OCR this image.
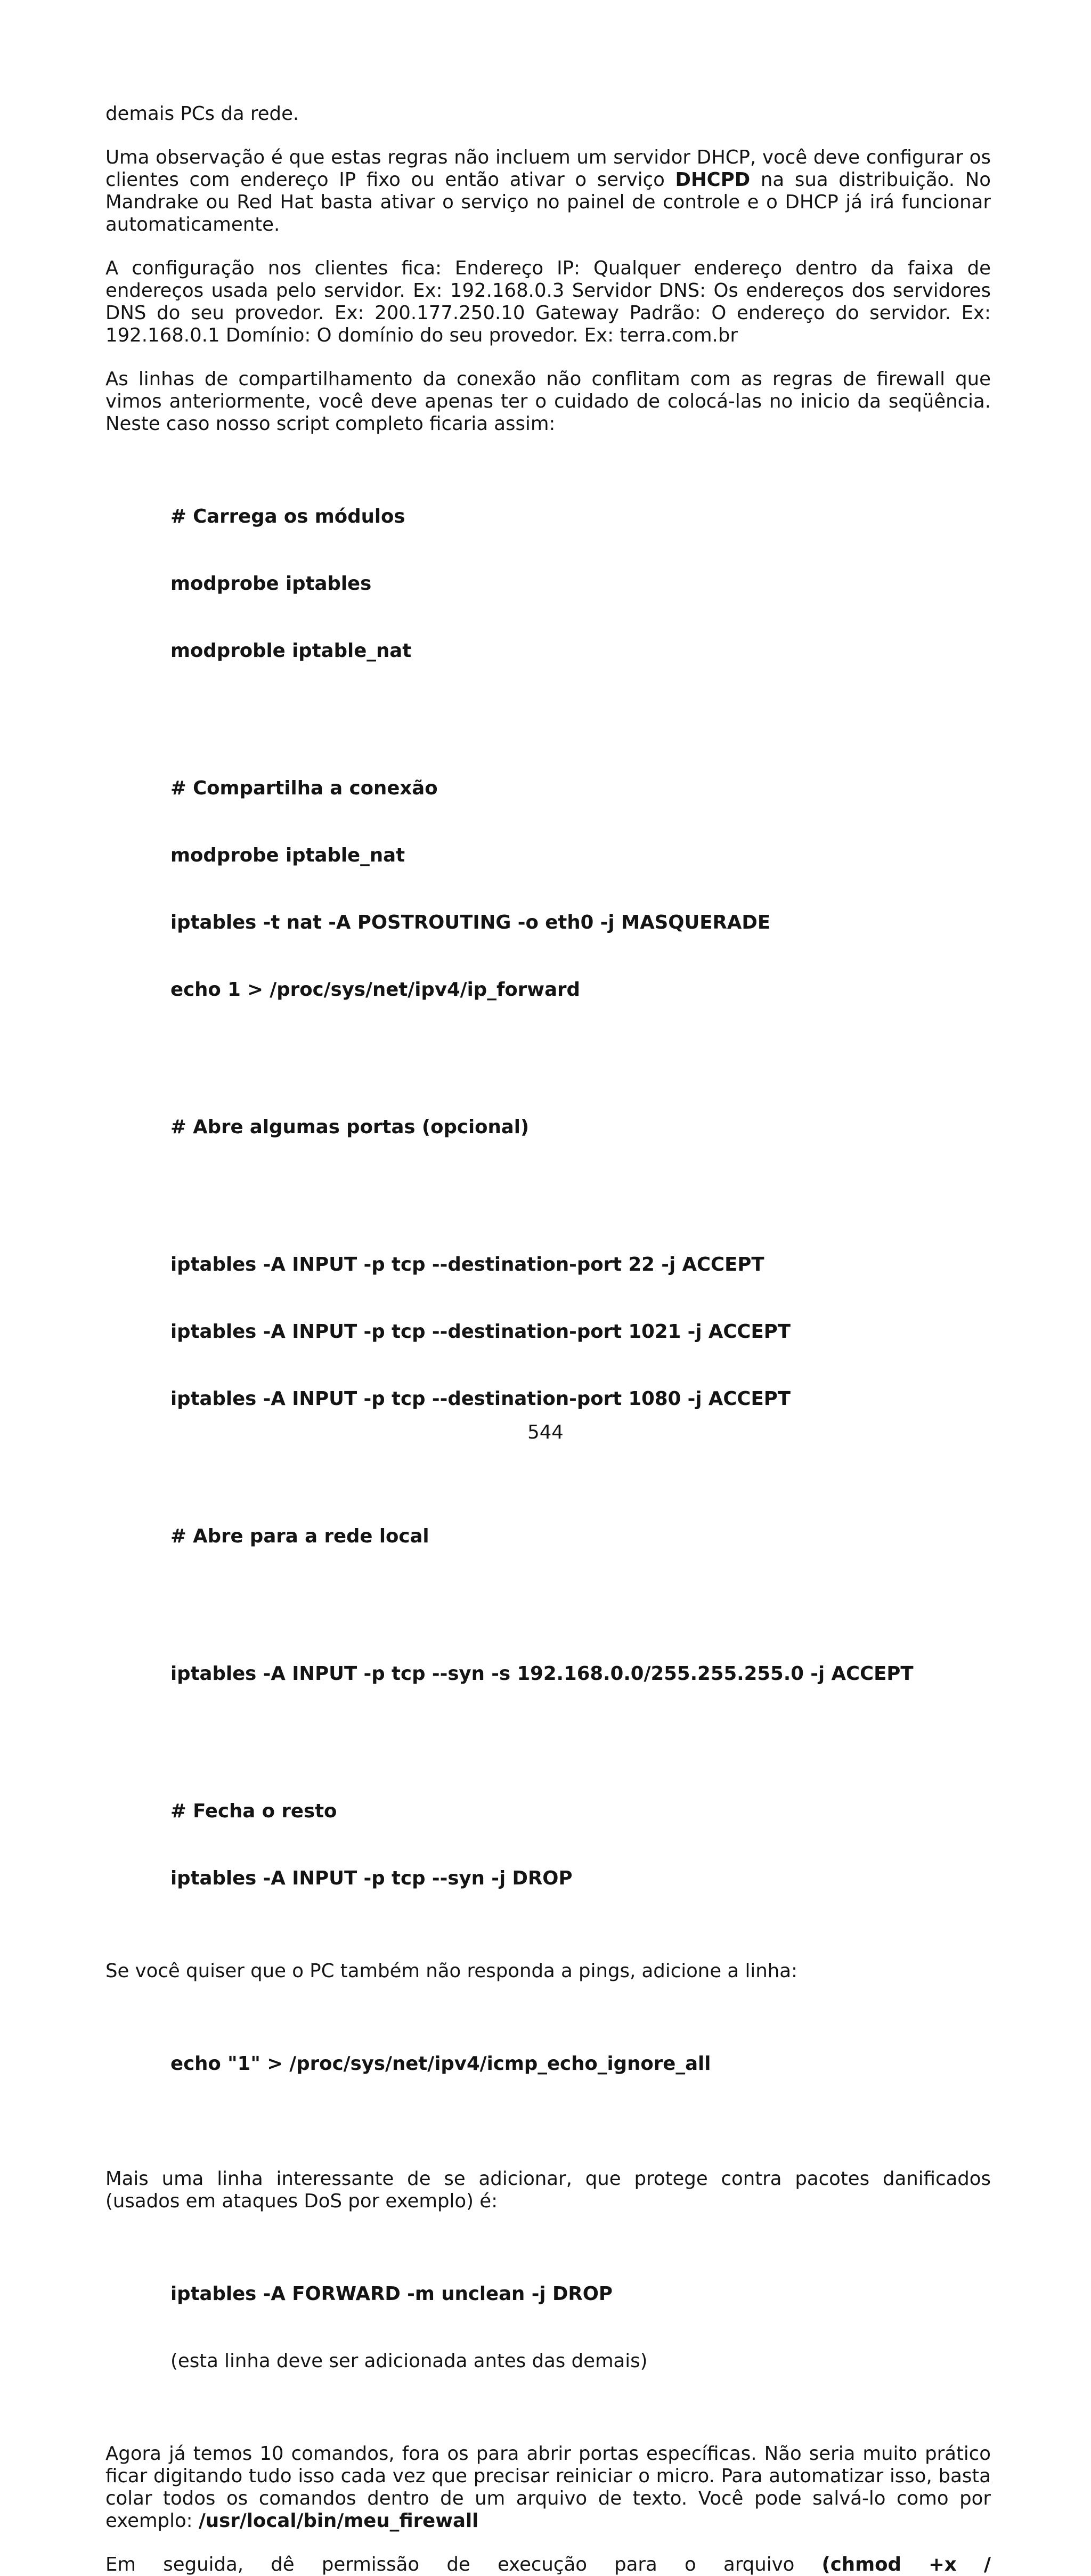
demais PCs da rede.

Uma observação é que estas regras não incluem um servidor DHCP, você deve configurar os clientes com endereço IP fixo ou então ativar o serviço DHCPD na sua distribuição. No Mandrake ou Red Hat basta ativar o serviço no painel de controle e o DHCP já irá funcionar automaticamente.

A configuração nos clientes fica: Endereço IP: Qualquer endereço dentro da faixa de endereços usada pelo servidor. Ex: 192.168.0.3 Servidor DNS: Os endereços dos servidores DNS do seu provedor. Ex: 200.177.250.10 Gateway Padrão: O endereço do servidor. Ex: 192.168.0.1 Domínio: O domínio do seu provedor. Ex: terra.com.br

As linhas de compartilhamento da conexão não conflitam com as regras de firewall que vimos anteriormente, você deve apenas ter o cuidado de colocá-las no inicio da seqüência. Neste caso nosso script completo ficaria assim:

# Carrega os módulos

modprobe iptables

modproble iptable_nat

# Compartilha a conexão

modprobe iptable_nat

iptables -t nat -A POSTROUTING -o eth0 -j MASQUERADE

echo 1 > /proc/sys/net/ipv4/ip_forward

# Abre algumas portas (opcional)

iptables -A INPUT -p tcp --destination-port 22 -j ACCEPT

iptables -A INPUT -p tcp --destination-port 1021 -j ACCEPT

iptables -A INPUT -p tcp --destination-port 1080 -j ACCEPT

# Abre para a rede local

iptables -A INPUT -p tcp --syn -s 192.168.0.0/255.255.255.0 -j ACCEPT

# Fecha o resto

iptables -A INPUT -p tcp --syn -j DROP

Se você quiser que o PC também não responda a pings, adicione a linha:

echo "1" > /proc/sys/net/ipv4/icmp_echo_ignore_all

Mais uma linha interessante de se adicionar, que protege contra pacotes danificados (usados em ataques DoS por exemplo) é:

iptables -A FORWARD -m unclean -j DROP

(esta linha deve ser adicionada antes das demais)

Agora já temos 10 comandos, fora os para abrir portas específicas. Não seria muito prático ficar digitando tudo isso cada vez que precisar reiniciar o micro. Para automatizar isso, basta colar todos os comandos dentro de um arquivo de texto. Você pode salvá-lo como por exemplo: /usr/local/bin/meu_firewall

Em seguida, dê permissão de execução para o arquivo (chmod +x /
544
